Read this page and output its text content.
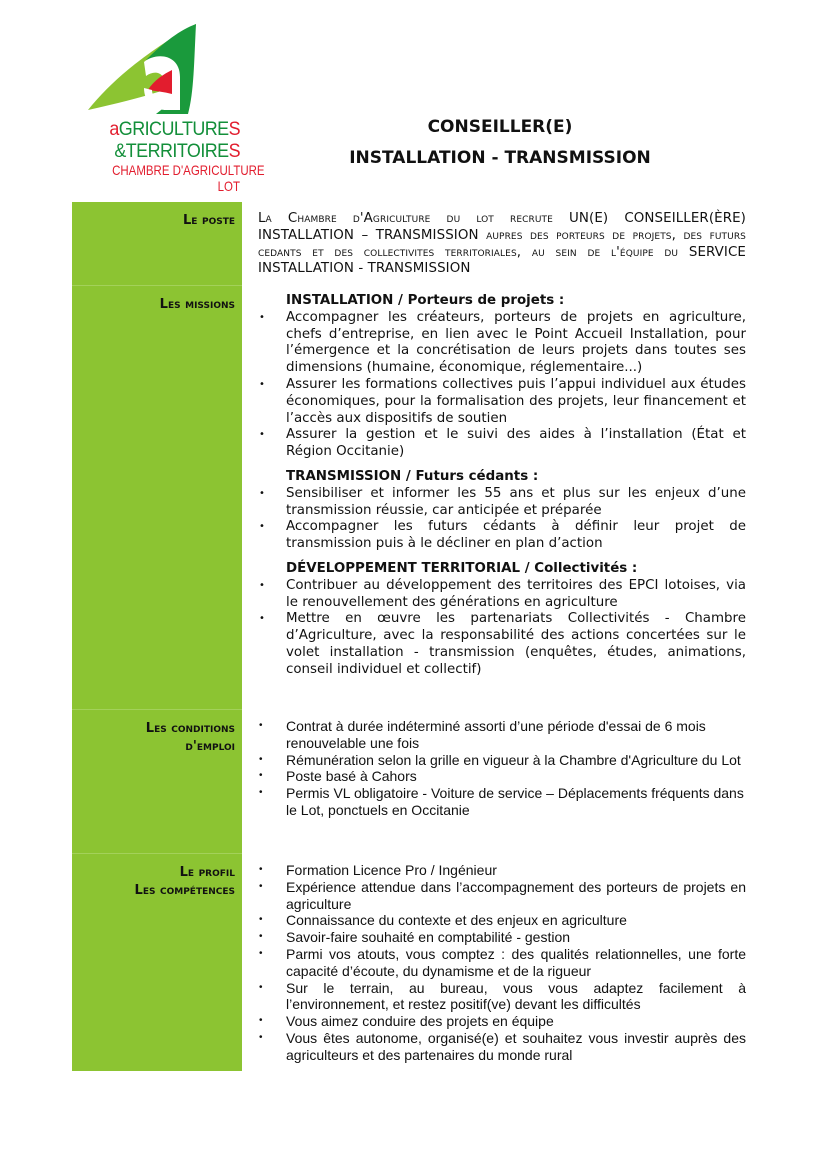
aGRICULTURES
&TERRITOIRES
CHAMBRE D'AGRICULTURE
LOT
CONSEILLER(E)
INSTALLATION - TRANSMISSION
Le poste La Chambre d'Agriculture du lot recrute UN(E) CONSEILLER(ÈRE) INSTALLATION – TRANSMISSION aupres des porteurs de projets, des futurs cedants et des collectivites territoriales, au sein de l'équipe du SERVICE INSTALLATION - TRANSMISSION
Les missions	INSTALLATION / Porteurs de projets :
• Accompagner les créateurs, porteurs de projets en agriculture, chefs d’entreprise, en lien avec le Point Accueil Installation, pour l’émergence et la concrétisation de leurs projets dans toutes ses dimensions (humaine, économique, réglementaire...)
• Assurer les formations collectives puis l’appui individuel aux études économiques, pour la formalisation des projets, leur financement et l’accès aux dispositifs de soutien
• Assurer la gestion et le suivi des aides à l’installation (État et Région Occitanie)
TRANSMISSION / Futurs cédants :
• Sensibiliser et informer les 55 ans et plus sur les enjeux d’une transmission réussie, car anticipée et préparée
• Accompagner les futurs cédants à définir leur projet de transmission puis à le décliner en plan d’action
DÉVELOPPEMENT TERRITORIAL / Collectivités :
• Contribuer au développement des territoires des EPCI lotoises, via le renouvellement des générations en agriculture
• Mettre en œuvre les partenariats Collectivités - Chambre d’Agriculture, avec la responsabilité des actions concertées sur le volet installation - transmission (enquêtes, études, animations, conseil individuel et collectif)
Les conditions
d'emploi
• Contrat à durée indéterminé assorti d’une période d'essai de 6 mois renouvelable une fois
• Rémunération selon la grille en vigueur à la Chambre d'Agriculture du Lot
• Poste basé à Cahors
• Permis VL obligatoire - Voiture de service – Déplacements fréquents dans le Lot, ponctuels en Occitanie
Le profil
Les compétences
• Formation Licence Pro / Ingénieur
• Expérience attendue dans l’accompagnement des porteurs de projets en agriculture
• Connaissance du contexte et des enjeux en agriculture
• Savoir-faire souhaité en comptabilité - gestion
• Parmi vos atouts, vous comptez : des qualités relationnelles, une forte capacité d’écoute, du dynamisme et de la rigueur
• Sur le terrain, au bureau, vous vous adaptez facilement à l’environnement, et restez positif(ve) devant les difficultés
• Vous aimez conduire des projets en équipe
• Vous êtes autonome, organisé(e) et souhaitez vous investir auprès des agriculteurs et des partenaires du monde rural
